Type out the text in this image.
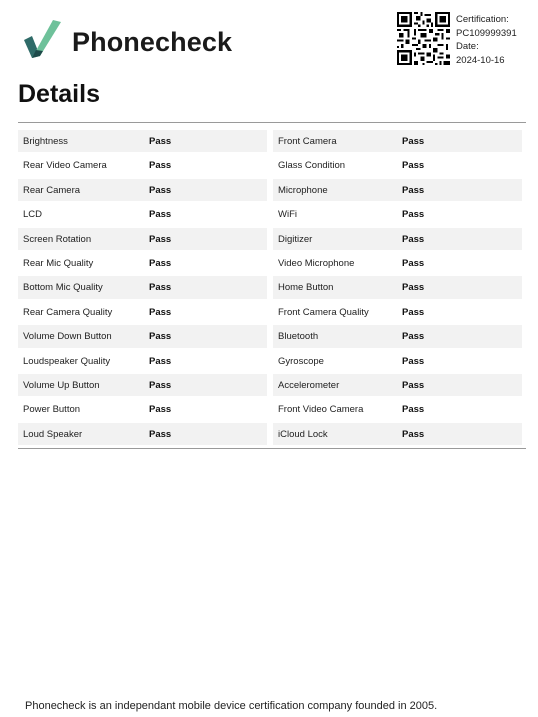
Phonecheck
Certification:
PC109999391
Date:
2024-10-16
Details
Brightness	Pass
Rear Video Camera	Pass
Rear Camera	Pass
LCD	Pass
Screen Rotation	Pass
Rear Mic Quality	Pass
Bottom Mic Quality	Pass
Rear Camera Quality	Pass
Volume Down Button	Pass
Loudspeaker Quality	Pass
Volume Up Button	Pass
Power Button	Pass
Loud Speaker	Pass
Front Camera	Pass
Glass Condition	Pass
Microphone	Pass
WiFi	Pass
Digitizer	Pass
Video Microphone	Pass
Home Button	Pass
Front Camera Quality	Pass
Bluetooth	Pass
Gyroscope	Pass
Accelerometer	Pass
Front Video Camera	Pass
iCloud Lock	Pass
Phonecheck is an independant mobile device certification company founded in 2005.
